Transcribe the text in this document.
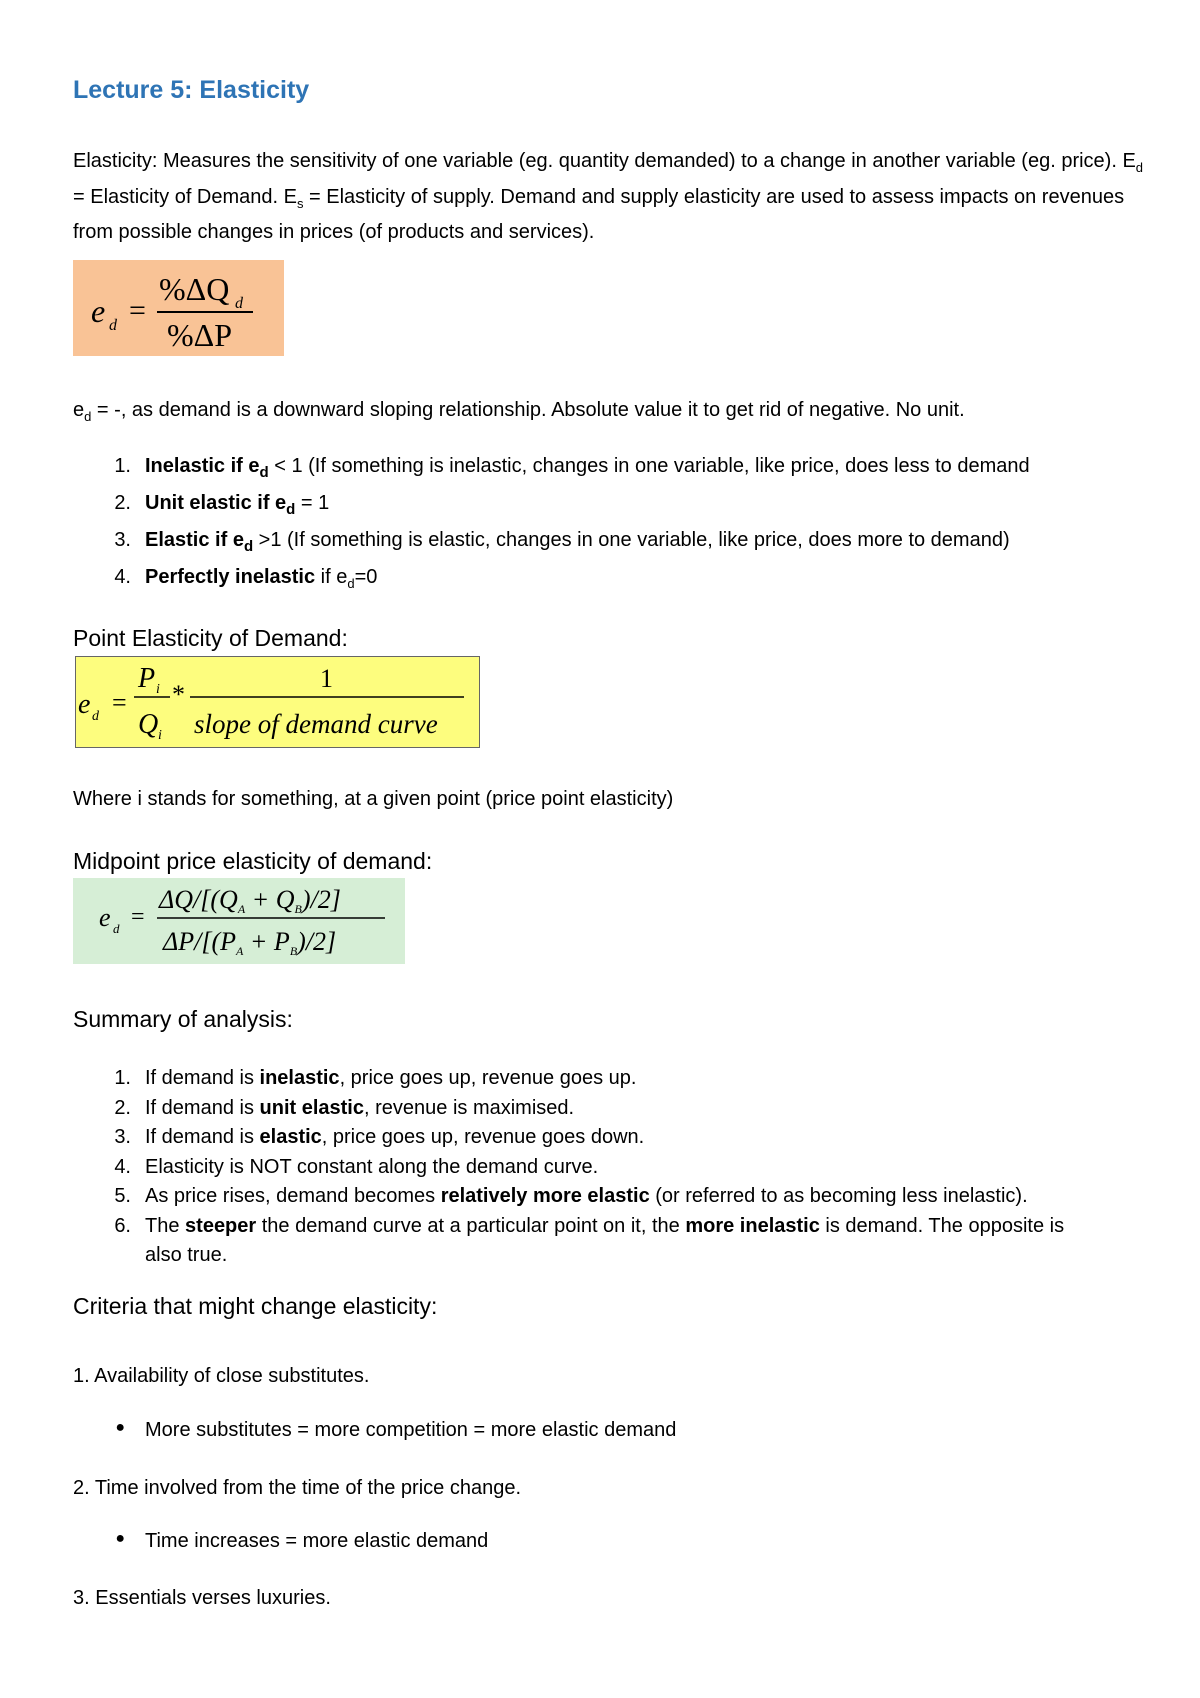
Lecture 5: Elasticity
Elasticity: Measures the sensitivity of one variable (eg. quantity demanded) to a change in another variable (eg. price). $E_d$ = Elasticity of Demand. $E_s$ = Elasticity of supply. Demand and supply elasticity are used to assess impacts on revenues from possible changes in prices (of products and services).
e d =
%ΔQ d
%ΔP
$e_d$ = -, as demand is a downward sloping relationship. Absolute value it to get rid of negative. No unit.
1. Inelastic if $e_d < 1$ (If something is inelastic, changes in one variable, like price, does less to demand
2. Unit elastic if $e_d = 1$
3. Elastic if $e_d >1$ (If something is elastic, changes in one variable, like price, does more to demand)
4. Perfectly inelastic if $e_d=0$
Point Elasticity of Demand:
e d =
P i
Q i
*
1
slope of demand curve
Where i stands for something, at a given point (price point elasticity)
Midpoint price elasticity of demand:
e d =
ΔQ/[(QA + QB)/2]
ΔP/[(PA + PB)/2]
Summary of analysis:
1. If demand is inelastic, price goes up, revenue goes up.
2. If demand is unit elastic, revenue is maximised.
3. If demand is elastic, price goes up, revenue goes down.
4. Elasticity is NOT constant along the demand curve.
5. As price rises, demand becomes relatively more elastic (or referred to as becoming less inelastic).
6. The steeper the demand curve at a particular point on it, the more inelastic is demand. The opposite is also true.
Criteria that might change elasticity:
1. Availability of close substitutes.
●	More substitutes = more competition = more elastic demand
2. Time involved from the time of the price change.
●	Time increases = more elastic demand
3. Essentials verses luxuries.
